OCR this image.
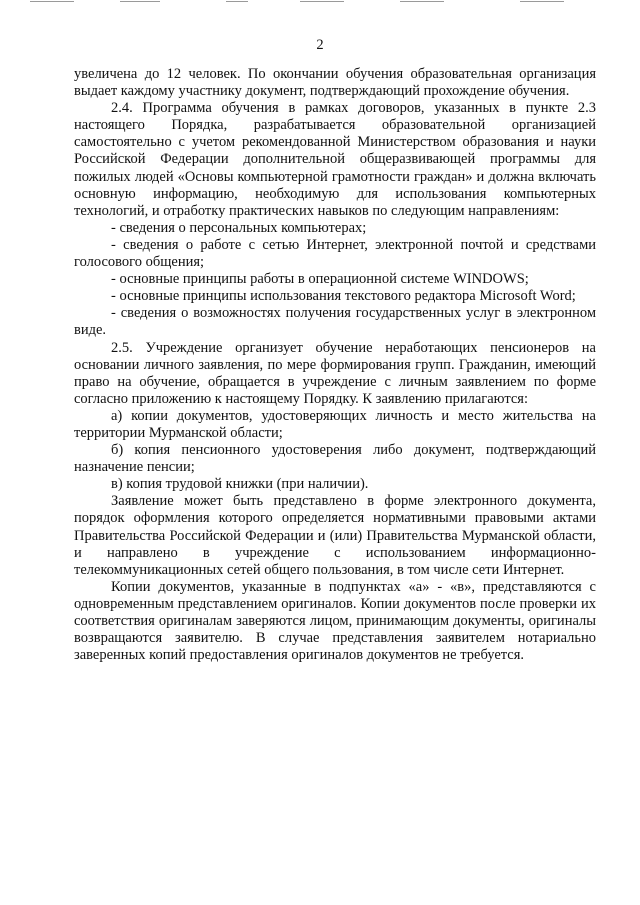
2

увеличена до 12 человек. По окончании обучения образовательная организация выдает каждому участнику документ, подтверждающий прохождение обучения.

2.4. Программа обучения в рамках договоров, указанных в пункте 2.3 настоящего Порядка, разрабатывается образовательной организацией самостоятельно с учетом рекомендованной Министерством образования и науки Российской Федерации дополнительной общеразвивающей программы для пожилых людей «Основы компьютерной грамотности граждан» и должна включать основную информацию, необходимую для использования компьютерных технологий, и отработку практических навыков по следующим направлениям:

- сведения о персональных компьютерах;

- сведения о работе с сетью Интернет, электронной почтой и средствами голосового общения;

- основные принципы работы в операционной системе WINDOWS;

- основные принципы использования текстового редактора Microsoft Word;

- сведения о возможностях получения государственных услуг в электронном виде.

2.5. Учреждение организует обучение неработающих пенсионеров на основании личного заявления, по мере формирования групп. Гражданин, имеющий право на обучение, обращается в учреждение с личным заявлением по форме согласно приложению к настоящему Порядку. К заявлению прилагаются:

а) копии документов, удостоверяющих личность и место жительства на территории Мурманской области;

б) копия пенсионного удостоверения либо документ, подтверждающий назначение пенсии;

в) копия трудовой книжки (при наличии).

Заявление может быть представлено в форме электронного документа, порядок оформления которого определяется нормативными правовыми актами Правительства Российской Федерации и (или) Правительства Мурманской области, и направлено в учреждение с использованием информационно-телекоммуникационных сетей общего пользования, в том числе сети Интернет.

Копии документов, указанные в подпунктах «а» - «в», представляются с одновременным представлением оригиналов. Копии документов после проверки их соответствия оригиналам заверяются лицом, принимающим документы, оригиналы возвращаются заявителю. В случае представления заявителем нотариально заверенных копий предоставления оригиналов документов не требуется.
